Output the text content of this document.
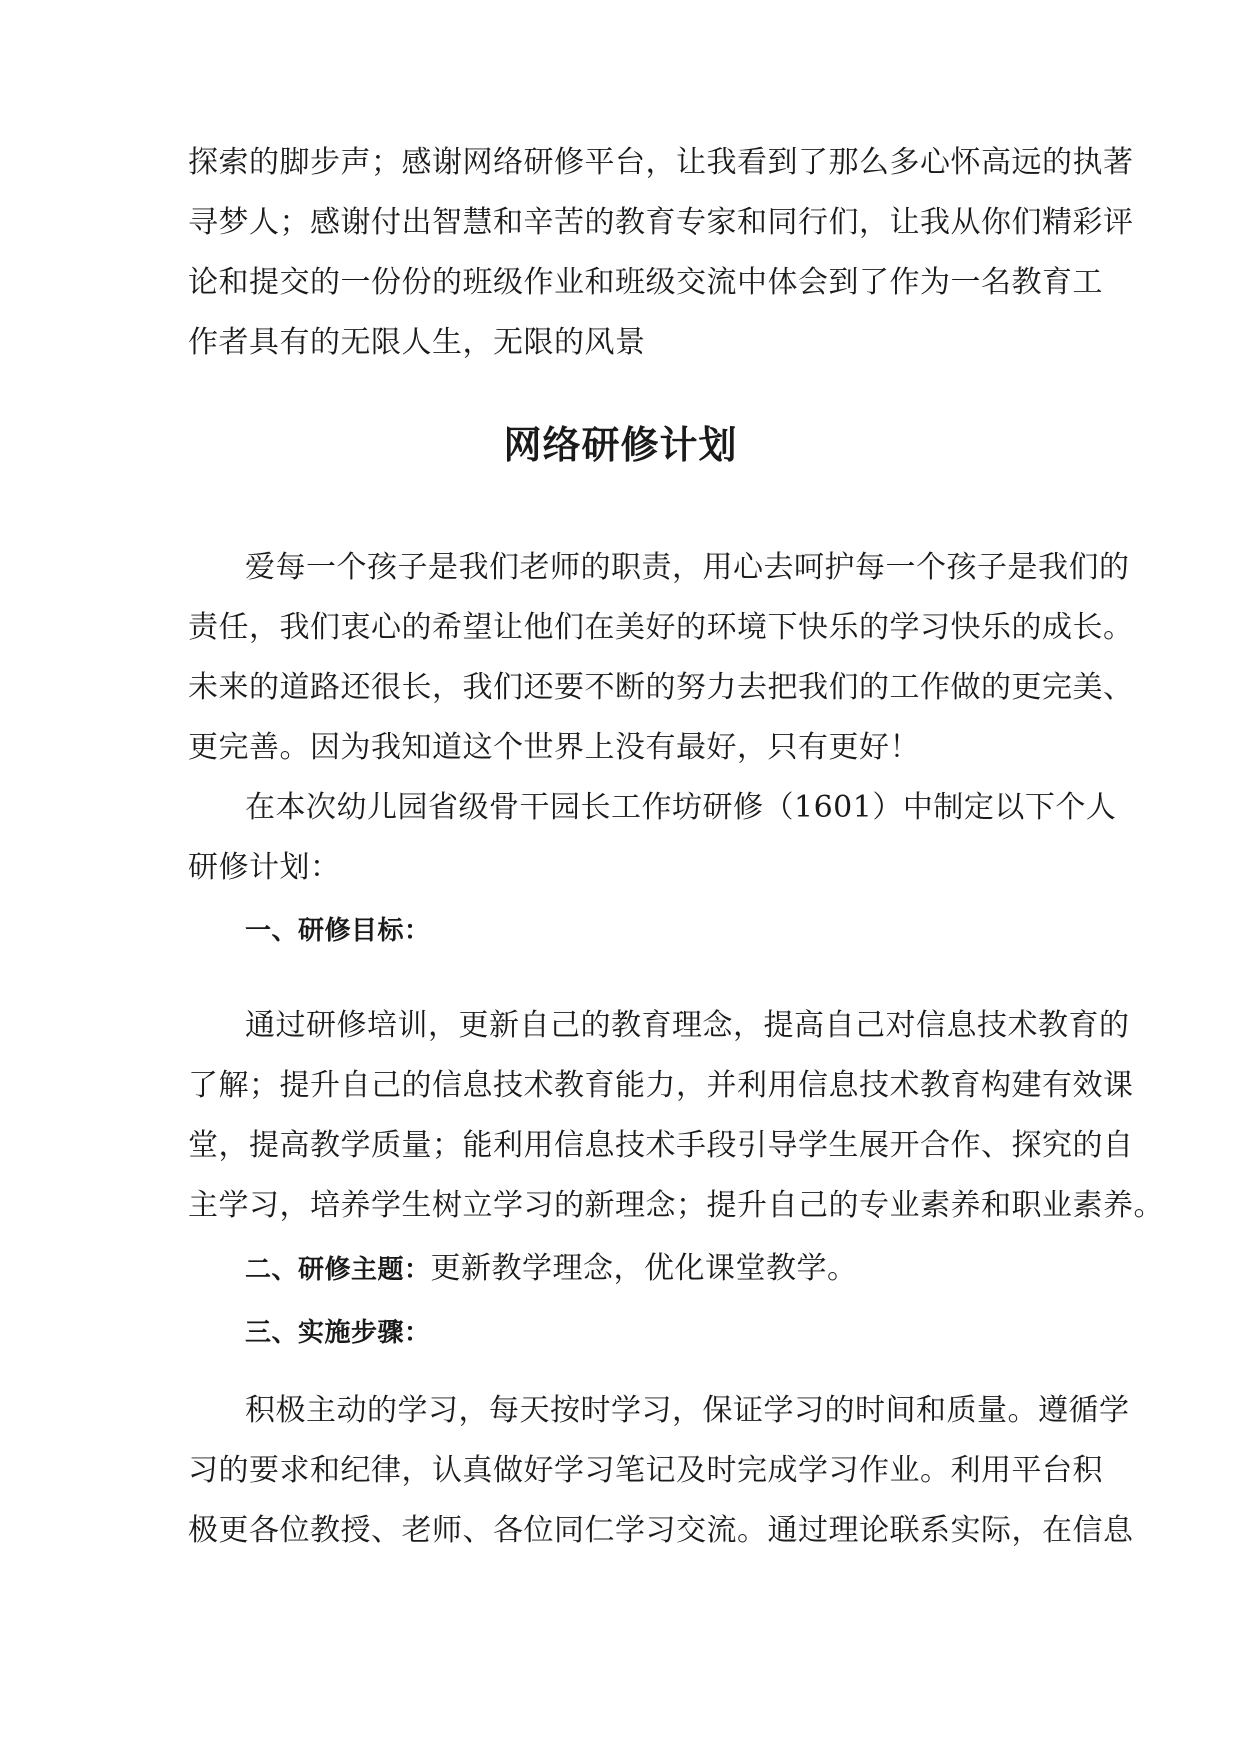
探索的脚步声；感谢网络研修平台，让我看到了那么多心怀高远的执著
寻梦人；感谢付出智慧和辛苦的教育专家和同行们，让我从你们精彩评
论和提交的一份份的班级作业和班级交流中体会到了作为一名教育工
作者具有的无限人生，无限的风景
网络研修计划
爱每一个孩子是我们老师的职责，用心去呵护每一个孩子是我们的
责任，我们衷心的希望让他们在美好的环境下快乐的学习快乐的成长。
未来的道路还很长，我们还要不断的努力去把我们的工作做的更完美、
更完善。因为我知道这个世界上没有最好，只有更好！
在本次幼儿园省级骨干园长工作坊研修（1601）中制定以下个人
研修计划：
一、研修目标：
通过研修培训，更新自己的教育理念，提高自己对信息技术教育的
了解；提升自己的信息技术教育能力，并利用信息技术教育构建有效课
堂，提高教学质量；能利用信息技术手段引导学生展开合作、探究的自
主学习，培养学生树立学习的新理念；提升自己的专业素养和职业素养。
二、研修主题：更新教学理念，优化课堂教学。
三、实施步骤：
积极主动的学习，每天按时学习，保证学习的时间和质量。遵循学
习的要求和纪律，认真做好学习笔记及时完成学习作业。利用平台积
极更各位教授、老师、各位同仁学习交流。通过理论联系实际，在信息
